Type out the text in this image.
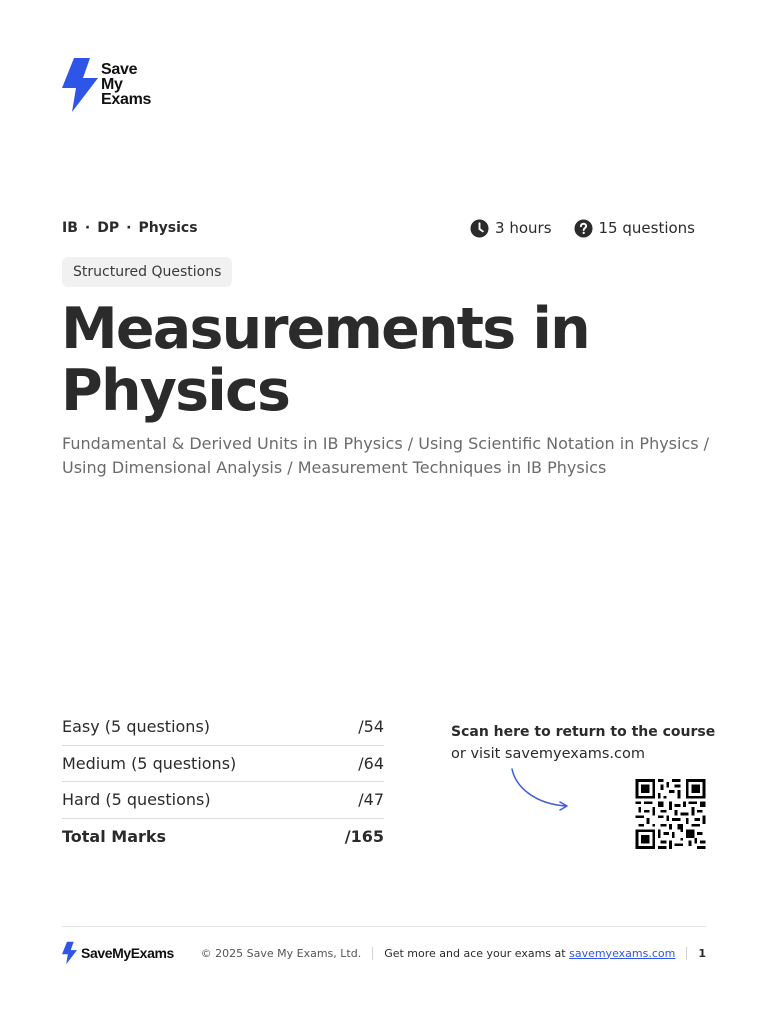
Save
My
Exams
IB · DP · Physics	3 hours	15 questions
Structured Questions
Measurements in
Physics
Fundamental & Derived Units in IB Physics / Using Scientific Notation in Physics /
Using Dimensional Analysis / Measurement Techniques in IB Physics
Easy (5 questions)	/54
Medium (5 questions)	/64
Hard (5 questions)	/47
Total Marks	/165
Scan here to return to the course
or visit savemyexams.com
SaveMyExams © 2025 Save My Exams, Ltd. Get more and ace your exams at savemyexams.com 1
